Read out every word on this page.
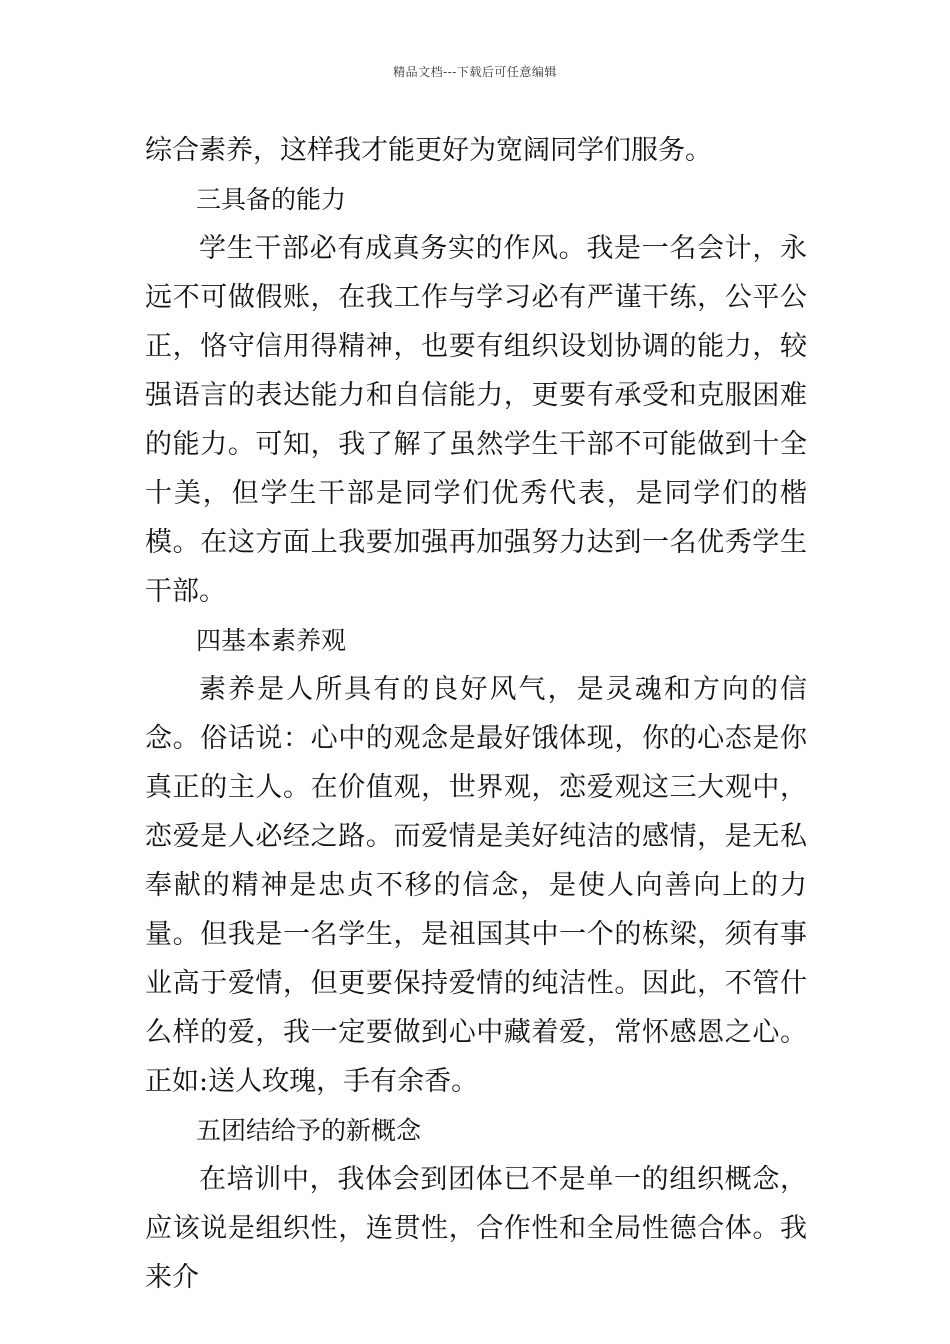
精品文档---下载后可任意编辑

综合素养，这样我才能更好为宽阔同学们服务。

三具备的能力

学生干部必有成真务实的作风。我是一名会计，永远不可做假账，在我工作与学习必有严谨干练，公平公正，恪守信用得精神，也要有组织设划协调的能力，较强语言的表达能力和自信能力，更要有承受和克服困难的能力。可知，我了解了虽然学生干部不可能做到十全十美，但学生干部是同学们优秀代表，是同学们的楷模。在这方面上我要加强再加强努力达到一名优秀学生干部。

四基本素养观

素养是人所具有的良好风气，是灵魂和方向的信念。俗话说：心中的观念是最好饿体现，你的心态是你真正的主人。在价值观，世界观，恋爱观这三大观中，恋爱是人必经之路。而爱情是美好纯洁的感情，是无私奉献的精神是忠贞不移的信念，是使人向善向上的力量。但我是一名学生，是祖国其中一个的栋梁，须有事业高于爱情，但更要保持爱情的纯洁性。因此，不管什么样的爱，我一定要做到心中藏着爱，常怀感恩之心。正如:送人玫瑰，手有余香。

五团结给予的新概念

在培训中，我体会到团体已不是单一的组织概念，应该说是组织性，连贯性，合作性和全局性德合体。我来介
